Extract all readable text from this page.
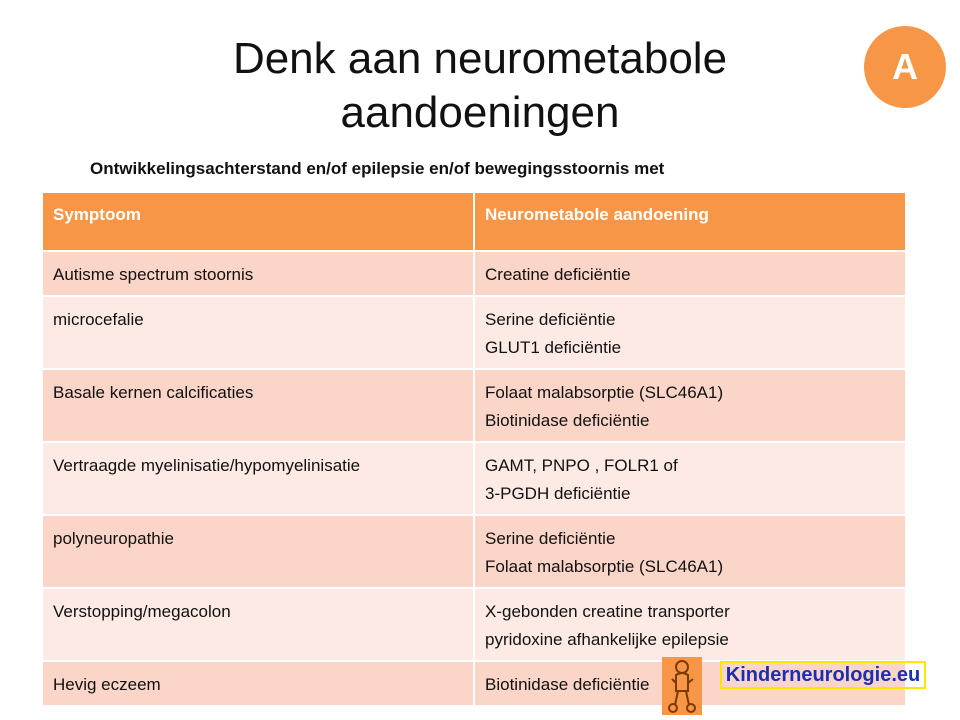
Denk aan neurometabole aandoeningen
A
Ontwikkelingsachterstand en/of epilepsie en/of bewegingsstoornis met
Symptoom	Neurometabole aandoening
Autisme spectrum stoornis	Creatine deficiëntie

microcefalie	Serine deficiëntie
GLUT1 deficiëntie

Basale kernen calcificaties	Folaat malabsorptie (SLC46A1)
Biotinidase deficiëntie

Vertraagde myelinisatie/hypomyelinisatie	GAMT, PNPO , FOLR1 of
3-PGDH deficiëntie

polyneuropathie	Serine deficiëntie
Folaat malabsorptie (SLC46A1)

Verstopping/megacolon	X-gebonden creatine transporter
pyridoxine afhankelijke epilepsie

Hevig eczeem	Biotinidase deficiëntie	Kinderneurologie.eu
